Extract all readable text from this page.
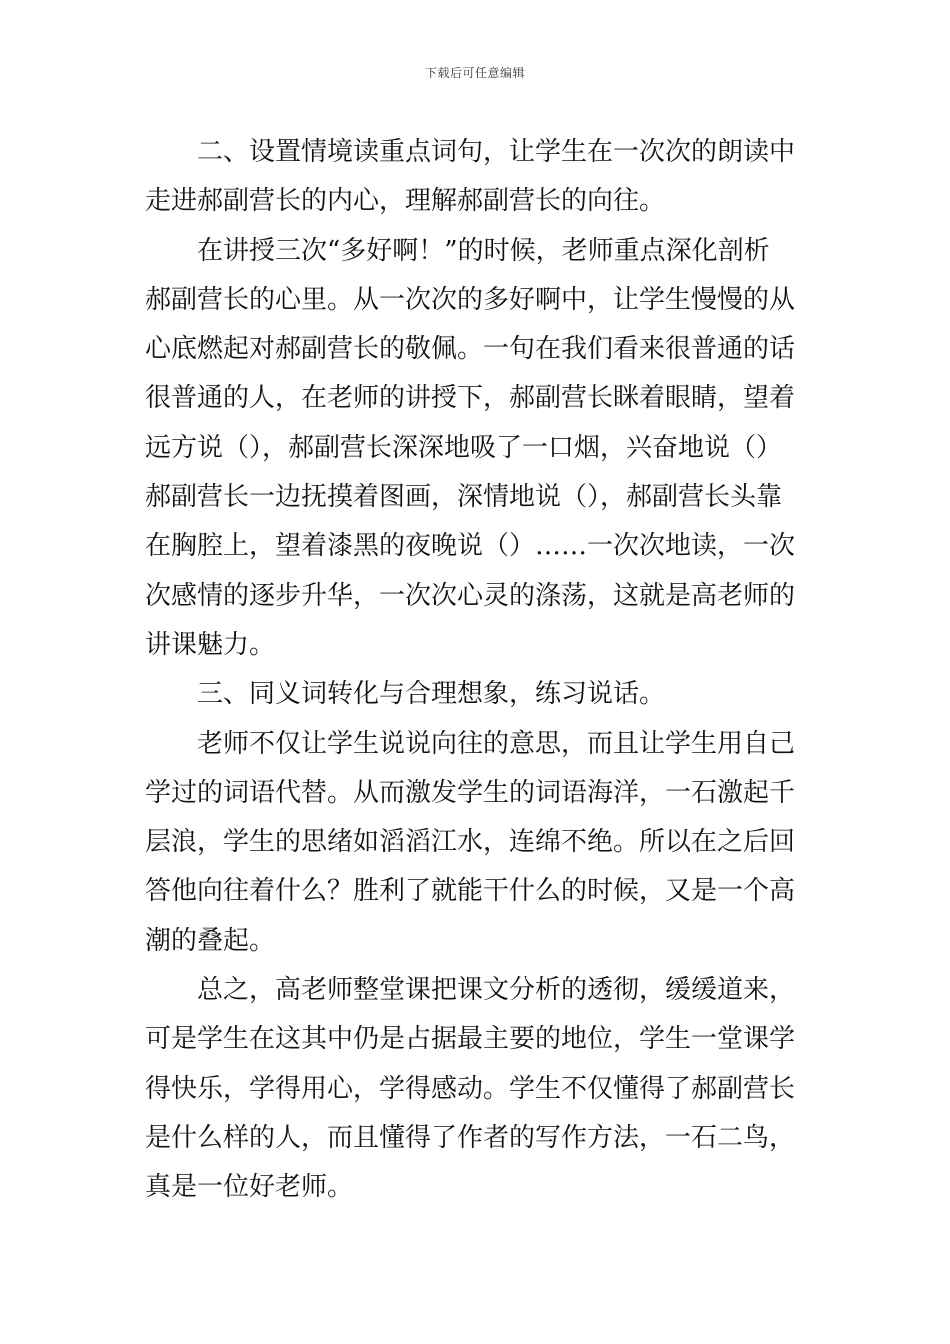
下载后可任意编辑
二、设置情境读重点词句，让学生在一次次的朗读中
走进郝副营长的内心，理解郝副营长的向往。
在讲授三次“多好啊！”的时候，老师重点深化剖析
郝副营长的心里。从一次次的多好啊中，让学生慢慢的从
心底燃起对郝副营长的敬佩。一句在我们看来很普通的话
很普通的人，在老师的讲授下，郝副营长眯着眼睛，望着
远方说（），郝副营长深深地吸了一口烟，兴奋地说（）
郝副营长一边抚摸着图画，深情地说（），郝副营长头靠
在胸腔上，望着漆黑的夜晚说（）……一次次地读，一次
次感情的逐步升华，一次次心灵的涤荡，这就是高老师的
讲课魅力。
三、同义词转化与合理想象，练习说话。
老师不仅让学生说说向往的意思，而且让学生用自己
学过的词语代替。从而激发学生的词语海洋，一石激起千
层浪，学生的思绪如滔滔江水，连绵不绝。所以在之后回
答他向往着什么？胜利了就能干什么的时候，又是一个高
潮的叠起。
总之，高老师整堂课把课文分析的透彻，缓缓道来，
可是学生在这其中仍是占据最主要的地位，学生一堂课学
得快乐，学得用心，学得感动。学生不仅懂得了郝副营长
是什么样的人，而且懂得了作者的写作方法，一石二鸟，
真是一位好老师。
